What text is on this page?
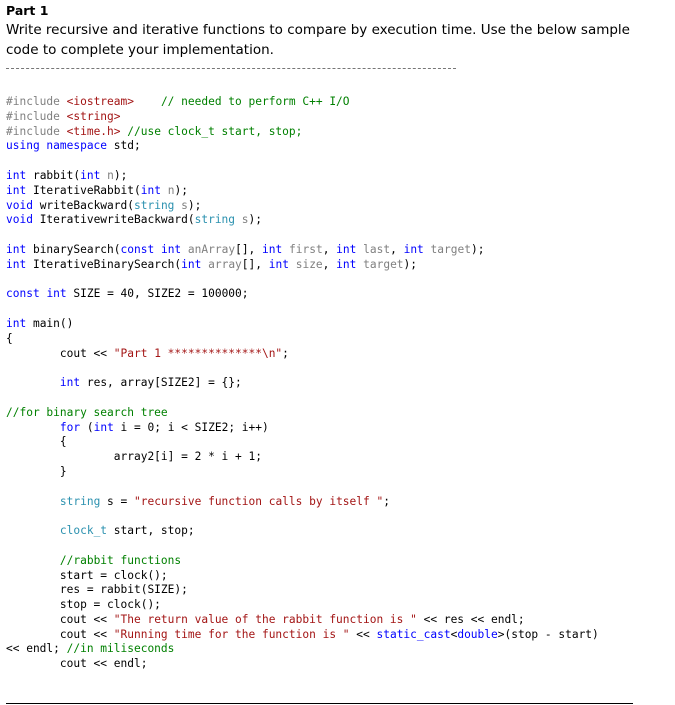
Part 1
Write recursive and iterative functions to compare by execution time. Use the below sample code to complete your implementation.
#include <iostream> // needed to perform C++ I/O
#include <string>
#include <time.h> //use clock_t start, stop;
using namespace std;

int rabbit(int n);
int IterativeRabbit(int n);
void writeBackward(string s);
void IterativewriteBackward(string s);

int binarySearch(const int anArray[], int first, int last, int target);
int IterativeBinarySearch(int array[], int size, int target);

const int SIZE = 40, SIZE2 = 100000;

int main()
{
cout << "Part 1 **************\n";

int res, array[SIZE2] = {};

//for binary search tree
for (int i = 0; i < SIZE2; i++)
{
array2[i] = 2 * i + 1;
}

string s = "recursive function calls by itself ";

clock_t start, stop;

//rabbit functions
start = clock();
res = rabbit(SIZE);
stop = clock();
cout << "The return value of the rabbit function is " << res << endl;
cout << "Running time for the function is " << static_cast<double>(stop - start)
<< endl; //in miliseconds
cout << endl;
